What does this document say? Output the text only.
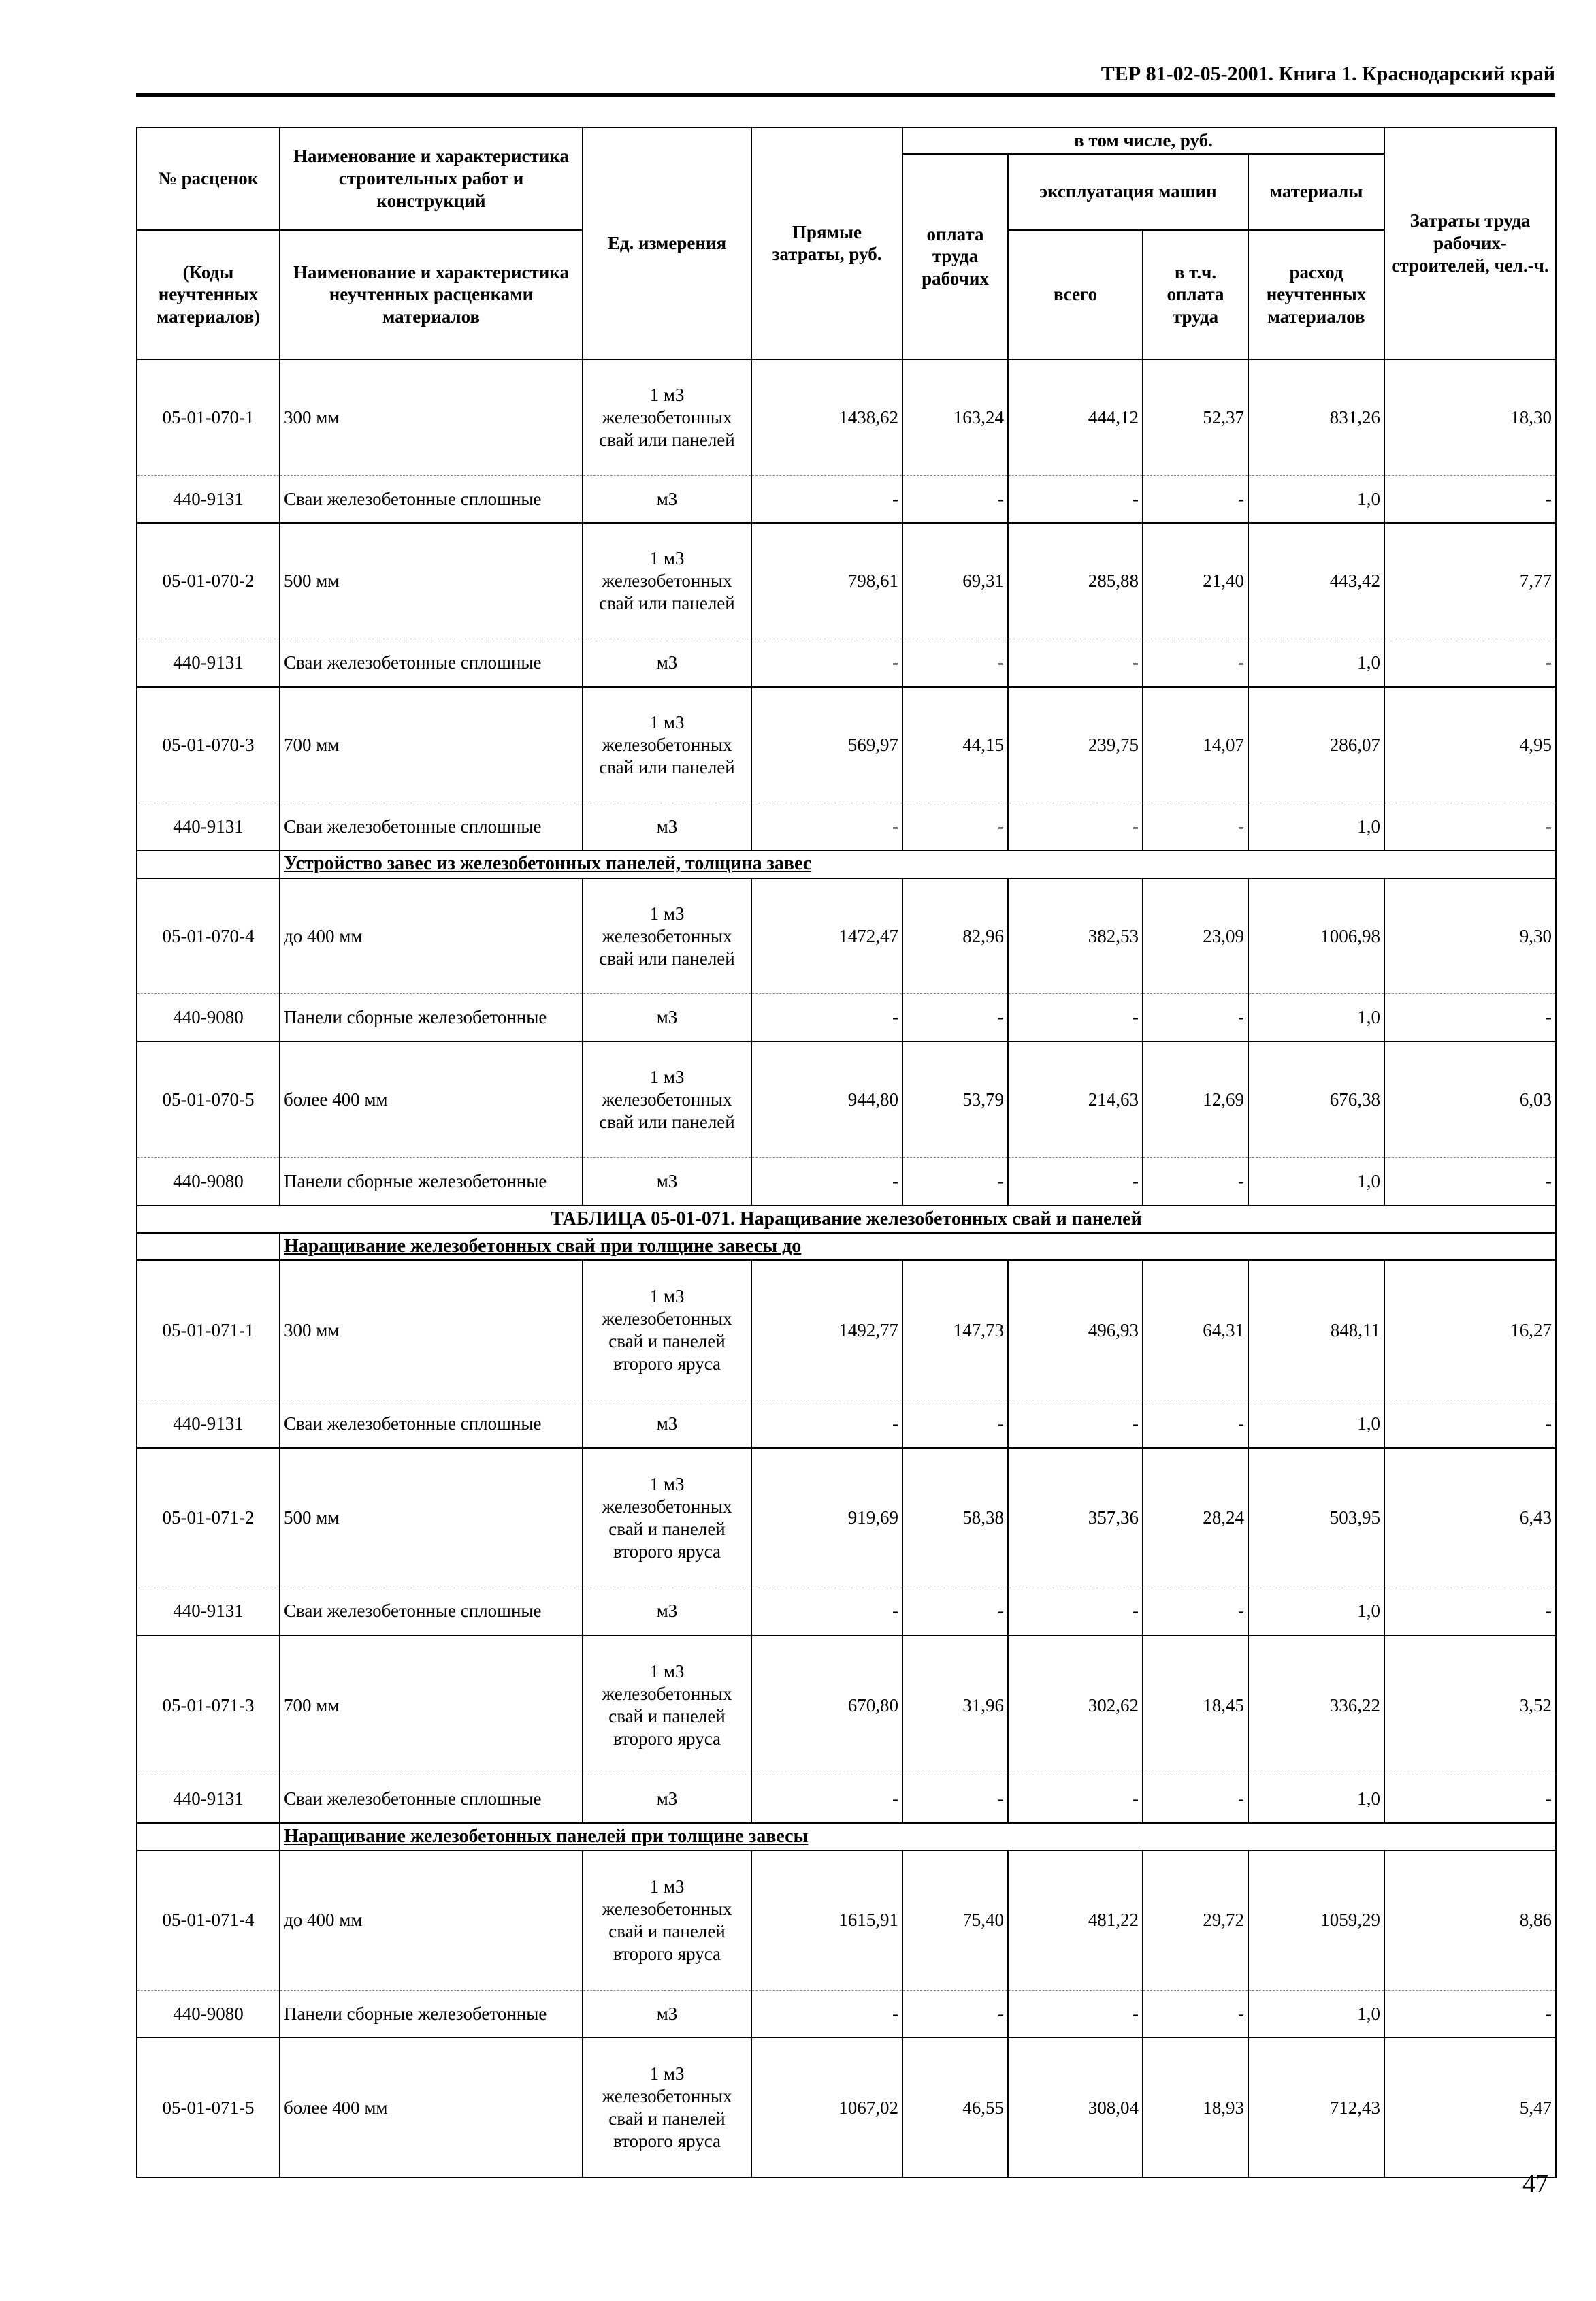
ТЕР 81-02-05-2001. Книга 1. Краснодарский край
№ расценок	Наименование и характеристика строительных работ и конструкций	Ед. измерения	Прямые затраты, руб.	в том числе, руб.				Затраты труда рабочих-строителей, чел.-ч.
				оплата труда рабочих	эксплуатация машин		материалы	
(Коды неучтенных материалов)	Наименование и характеристика неучтенных расценками материалов				всего	в т.ч. оплата труда	расход неучтенных материалов	

05-01-070-1	300 мм	1 м3 железобетонных свай или панелей	1438,62	163,24	444,12	52,37	831,26	18,30
440-9131	Сваи железобетонные сплошные	м3	-	-	-	-	1,0	-
05-01-070-2	500 мм	1 м3 железобетонных свай или панелей	798,61	69,31	285,88	21,40	443,42	7,77
440-9131	Сваи железобетонные сплошные	м3	-	-	-	-	1,0	-
05-01-070-3	700 мм	1 м3 железобетонных свай или панелей	569,97	44,15	239,75	14,07	286,07	4,95
440-9131	Сваи железобетонные сплошные	м3	-	-	-	-	1,0	-
	Устройство завес из железобетонных панелей, толщина завес							
05-01-070-4	до 400 мм	1 м3 железобетонных свай или панелей	1472,47	82,96	382,53	23,09	1006,98	9,30
440-9080	Панели сборные железобетонные	м3	-	-	-	-	1,0	-
05-01-070-5	более 400 мм	1 м3 железобетонных свай или панелей	944,80	53,79	214,63	12,69	676,38	6,03
440-9080	Панели сборные железобетонные	м3	-	-	-	-	1,0	-
ТАБЛИЦА 05-01-071. Наращивание железобетонных свай и панелей								
	Наращивание железобетонных свай при толщине завесы до							
05-01-071-1	300 мм	1 м3 железобетонных свай и панелей второго яруса	1492,77	147,73	496,93	64,31	848,11	16,27
440-9131	Сваи железобетонные сплошные	м3	-	-	-	-	1,0	-
05-01-071-2	500 мм	1 м3 железобетонных свай и панелей второго яруса	919,69	58,38	357,36	28,24	503,95	6,43
440-9131	Сваи железобетонные сплошные	м3	-	-	-	-	1,0	-
05-01-071-3	700 мм	1 м3 железобетонных свай и панелей второго яруса	670,80	31,96	302,62	18,45	336,22	3,52
440-9131	Сваи железобетонные сплошные	м3	-	-	-	-	1,0	-
	Наращивание железобетонных панелей при толщине завесы							
05-01-071-4	до 400 мм	1 м3 железобетонных свай и панелей второго яруса	1615,91	75,40	481,22	29,72	1059,29	8,86
440-9080	Панели сборные железобетонные	м3	-	-	-	-	1,0	-
05-01-071-5	более 400 мм	1 м3 железобетонных свай и панелей второго яруса	1067,02	46,55	308,04	18,93	712,43	5,47
47
